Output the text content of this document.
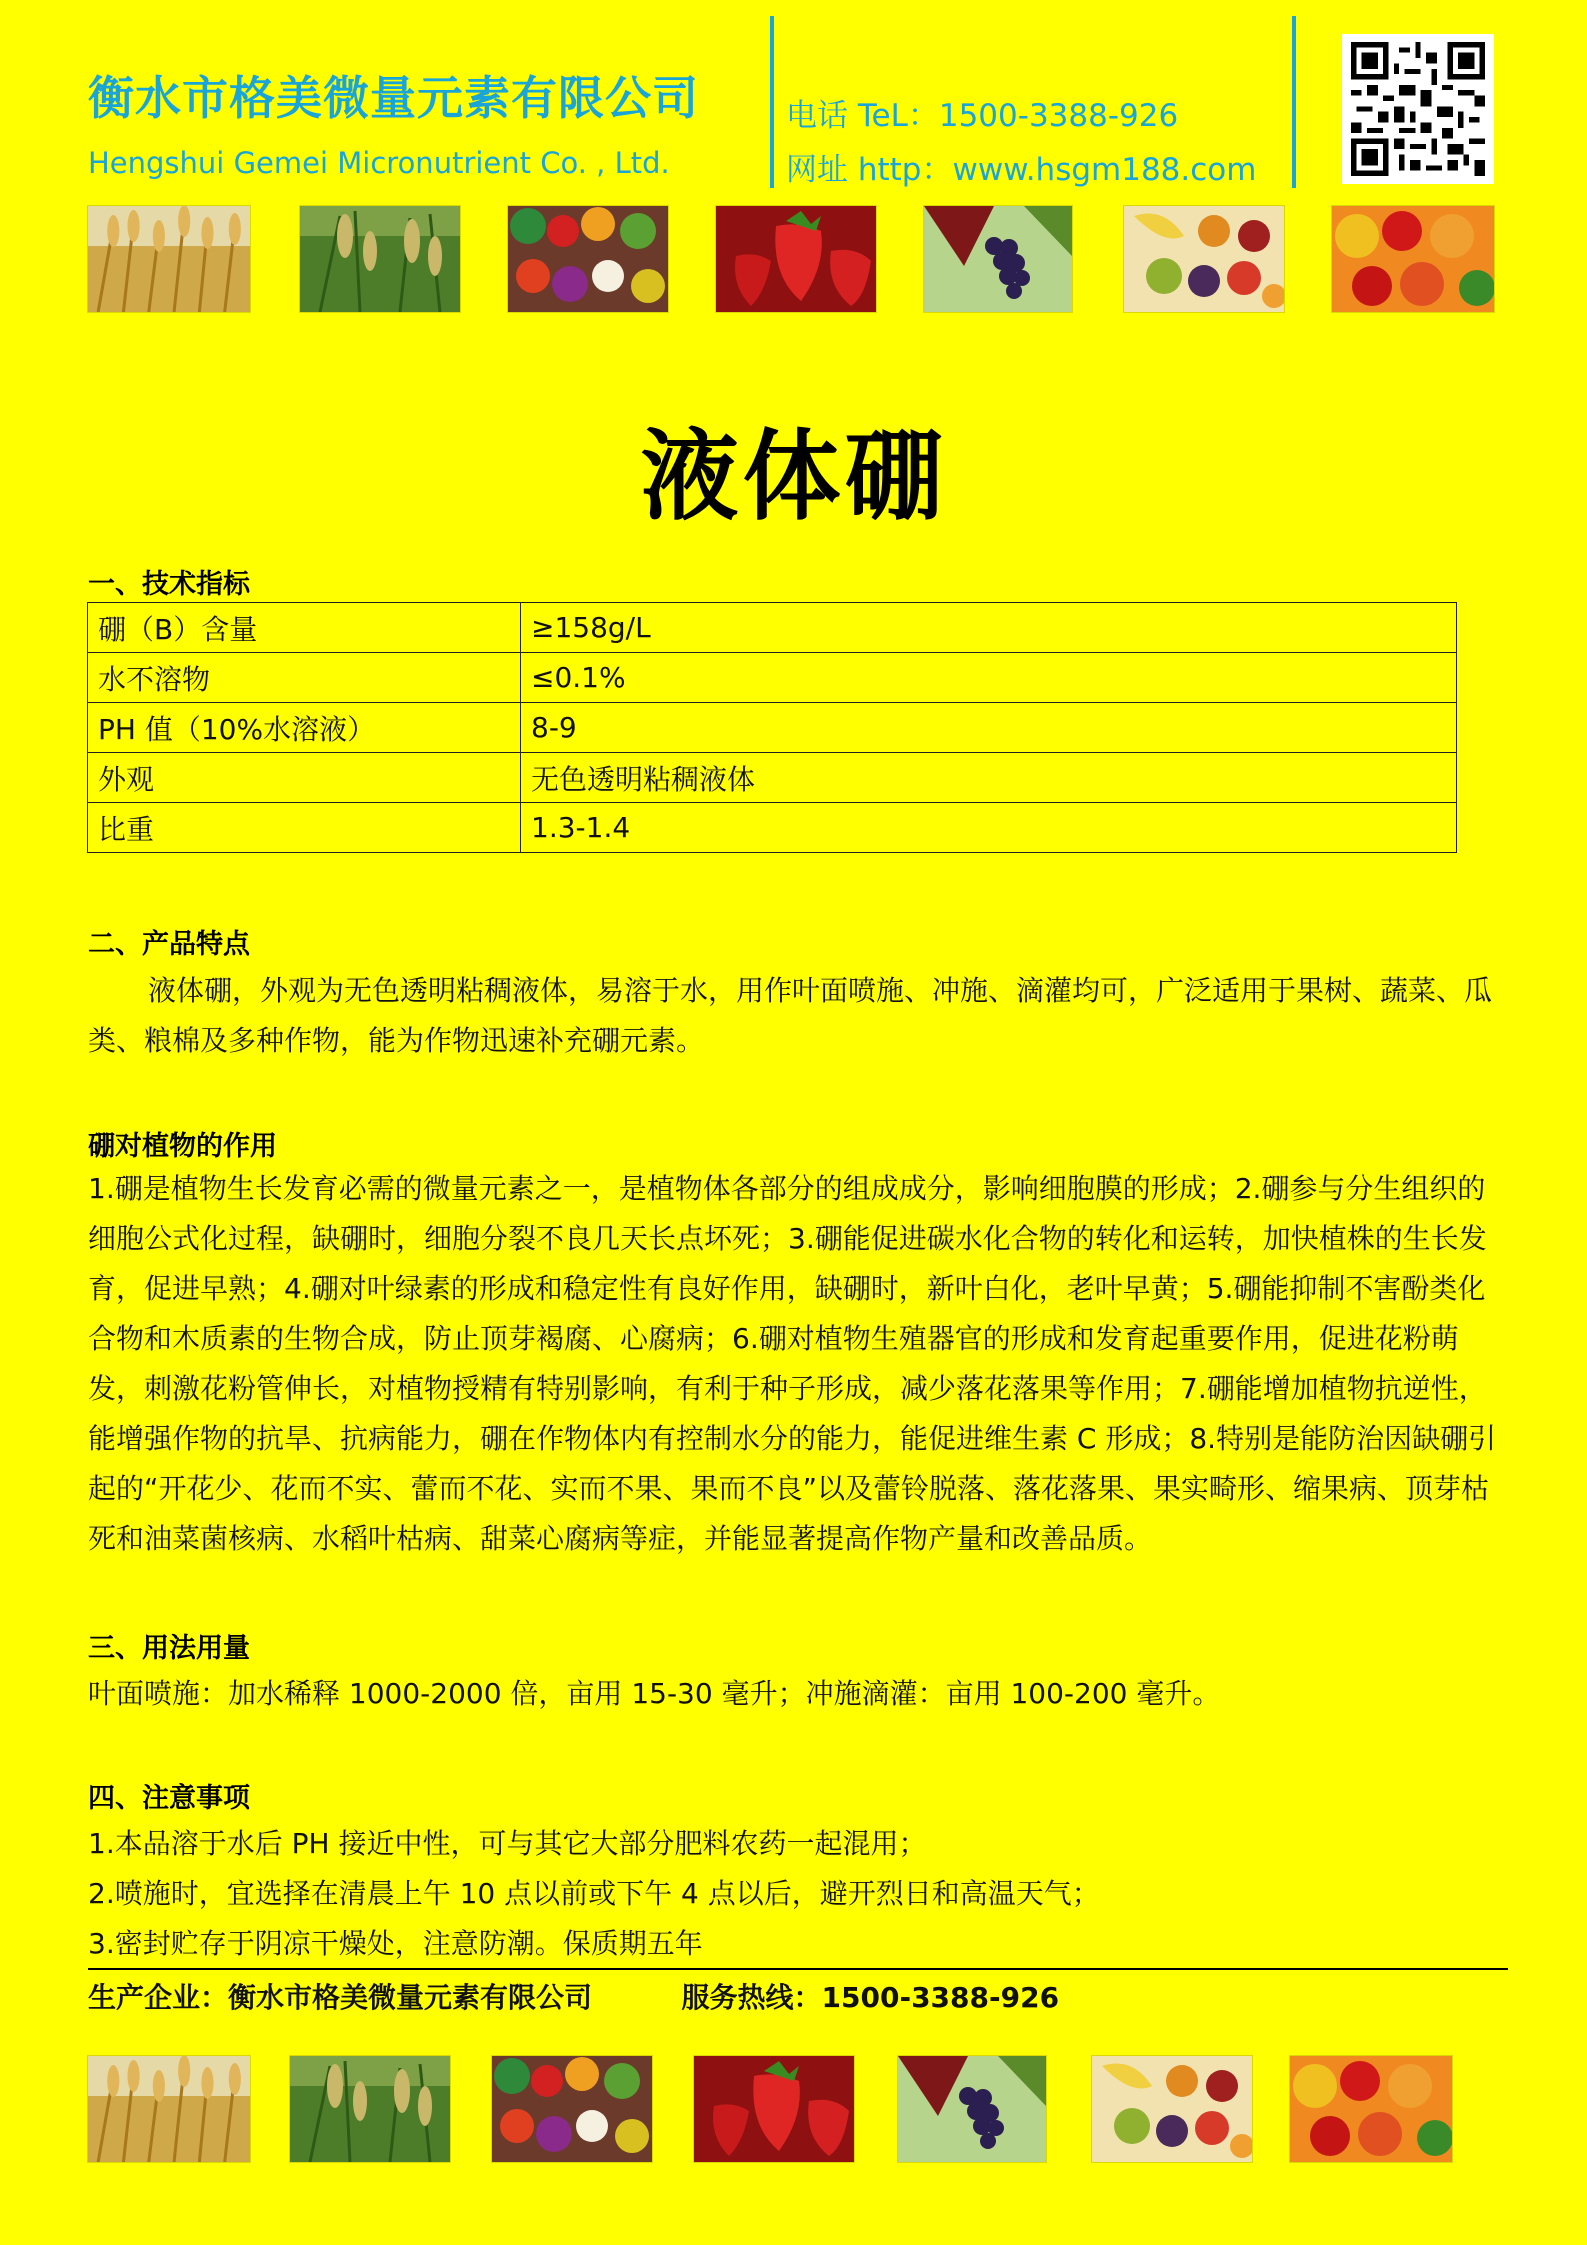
衡水市格美微量元素有限公司
Hengshui Gemei Micronutrient Co. , Ltd.
电话 TeL：1500-3388-926
网址 http：www.hsgm188.com
液体硼
一、技术指标
硼（B）含量	≥158g/L
水不溶物	≤0.1%
PH 值（10%水溶液）	8-9
外观	无色透明粘稠液体
比重	1.3-1.4
二、产品特点
液体硼，外观为无色透明粘稠液体，易溶于水，用作叶面喷施、冲施、滴灌均可，广泛适用于果树、蔬菜、瓜类、粮棉及多种作物，能为作物迅速补充硼元素。
硼对植物的作用
1.硼是植物生长发育必需的微量元素之一，是植物体各部分的组成成分，影响细胞膜的形成；2.硼参与分生组织的细胞公式化过程，缺硼时，细胞分裂不良几天长点坏死；3.硼能促进碳水化合物的转化和运转，加快植株的生长发育，促进早熟；4.硼对叶绿素的形成和稳定性有良好作用，缺硼时，新叶白化，老叶早黄；5.硼能抑制不害酚类化合物和木质素的生物合成，防止顶芽褐腐、心腐病；6.硼对植物生殖器官的形成和发育起重要作用，促进花粉萌发，刺激花粉管伸长，对植物授精有特别影响，有利于种子形成，减少落花落果等作用；7.硼能增加植物抗逆性，能增强作物的抗旱、抗病能力，硼在作物体内有控制水分的能力，能促进维生素 C 形成；8.特别是能防治因缺硼引起的“开花少、花而不实、蕾而不花、实而不果、果而不良”以及蕾铃脱落、落花落果、果实畸形、缩果病、顶芽枯死和油菜菌核病、水稻叶枯病、甜菜心腐病等症，并能显著提高作物产量和改善品质。
三、用法用量
叶面喷施：加水稀释 1000-2000 倍，亩用 15-30 毫升；冲施滴灌：亩用 100-200 毫升。
四、注意事项
1.本品溶于水后 PH 接近中性，可与其它大部分肥料农药一起混用；
2.喷施时，宜选择在清晨上午 10 点以前或下午 4 点以后，避开烈日和高温天气；
3.密封贮存于阴凉干燥处，注意防潮。保质期五年
生产企业：衡水市格美微量元素有限公司	服务热线：1500-3388-926
